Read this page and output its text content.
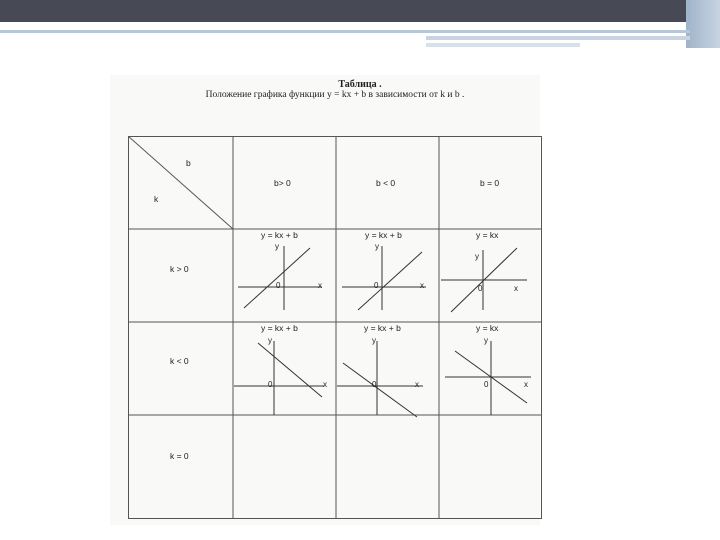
Таблица .
Положение графика функции y = kx + b в зависимости от k и b .
b
k
b> 0	b < 0	b = 0
k > 0
k < 0
k = 0
y = kx + b
y
x
0
y = kx + b
y
x
0
y = kx
y
x
0
y = kx + b
y
x
0
y = kx + b
y
x
0
y = kx
y
x
0
